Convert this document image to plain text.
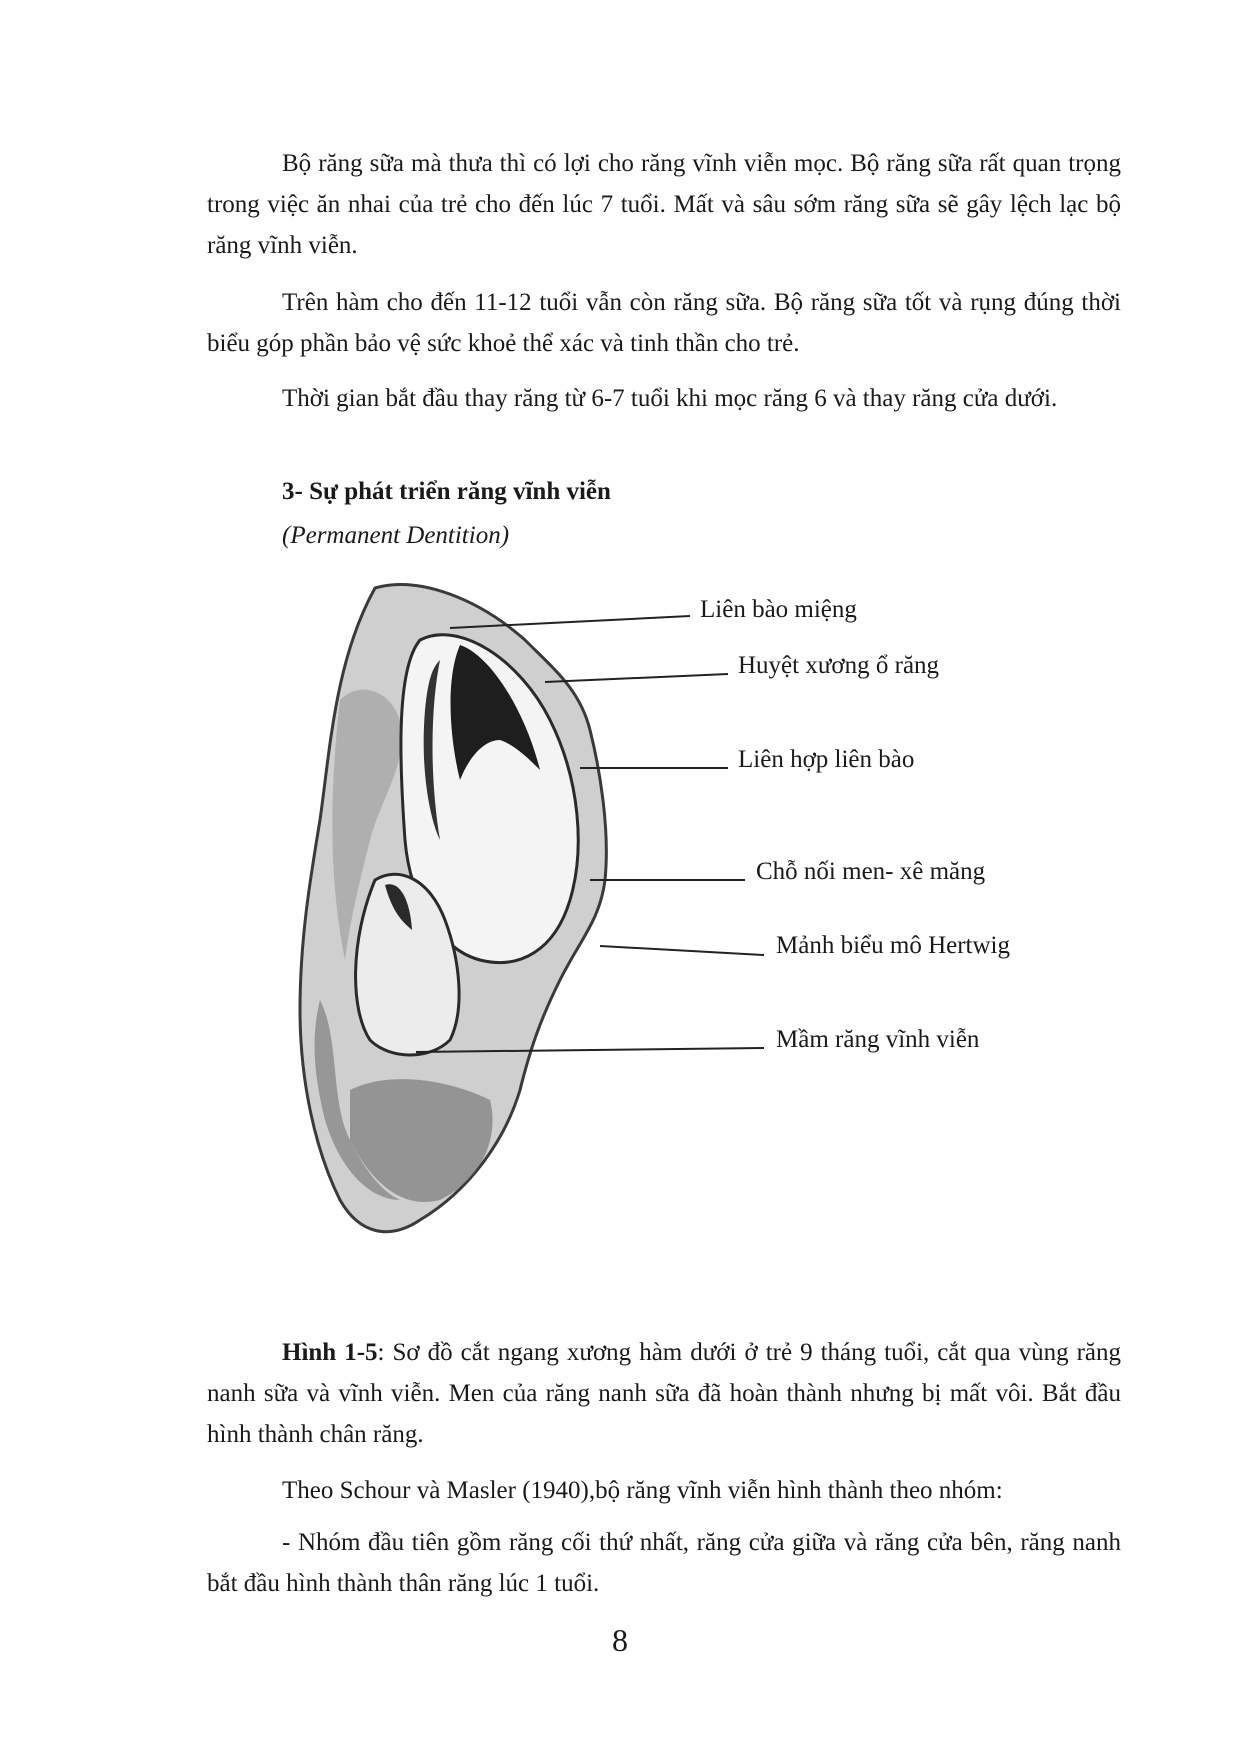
Bộ răng sữa mà thưa thì có lợi cho răng vĩnh viễn mọc. Bộ răng sữa rất quan trọng trong việc ăn nhai của trẻ cho đến lúc 7 tuổi. Mất và sâu sớm răng sữa sẽ gây lệch lạc bộ răng vĩnh viễn.

Trên hàm cho đến 11-12 tuổi vẫn còn răng sữa. Bộ răng sữa tốt và rụng đúng thời biểu góp phần bảo vệ sức khoẻ thể xác và tinh thần cho trẻ.

Thời gian bắt đầu thay răng từ 6-7 tuổi khi mọc răng 6 và thay răng cửa dưới.

3- Sự phát triển răng vĩnh viễn

(Permanent Dentition)

Liên bào miệng
Huyệt xương ổ răng
Liên hợp liên bào
Chỗ nối men- xê măng
Mảnh biểu mô Hertwig
Mầm răng vĩnh viễn

Hình 1-5: Sơ đồ cắt ngang xương hàm dưới ở trẻ 9 tháng tuổi, cắt qua vùng răng nanh sữa và vĩnh viễn. Men của răng nanh sữa đã hoàn thành nhưng bị mất vôi. Bắt đầu hình thành chân răng.

Theo Schour và Masler (1940),bộ răng vĩnh viễn hình thành theo nhóm:

- Nhóm đầu tiên gồm răng cối thứ nhất, răng cửa giữa và răng cửa bên, răng nanh bắt đầu hình thành thân răng lúc 1 tuổi.

8
